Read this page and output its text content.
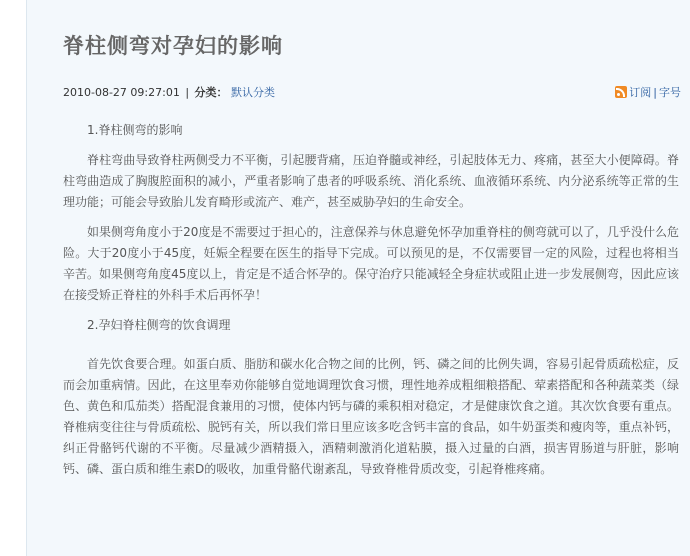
脊柱侧弯对孕妇的影响
2010-08-27 09:27:01 | 分类： 默认分类	订阅 | 字号

1.脊柱侧弯的影响

脊柱弯曲导致脊柱两侧受力不平衡，引起腰背痛，压迫脊髓或神经，引起肢体无力、疼痛，甚至大小便障碍。脊柱弯曲造成了胸腹腔面积的减小，严重者影响了患者的呼吸系统、消化系统、血液循环系统、内分泌系统等正常的生理功能；可能会导致胎儿发育畸形或流产、难产，甚至威胁孕妇的生命安全。

如果侧弯角度小于20度是不需要过于担心的，注意保养与休息避免怀孕加重脊柱的侧弯就可以了，几乎没什么危险。大于20度小于45度，妊娠全程要在医生的指导下完成。可以预见的是，不仅需要冒一定的风险，过程也将相当辛苦。如果侧弯角度45度以上，肯定是不适合怀孕的。保守治疗只能减轻全身症状或阻止进一步发展侧弯，因此应该在接受矫正脊柱的外科手术后再怀孕！

2.孕妇脊柱侧弯的饮食调理

首先饮食要合理。如蛋白质、脂肪和碳水化合物之间的比例，钙、磷之间的比例失调，容易引起骨质疏松症，反而会加重病情。因此，在这里奉劝你能够自觉地调理饮食习惯，理性地养成粗细粮搭配、荤素搭配和各种蔬菜类（绿色、黄色和瓜茄类）搭配混食兼用的习惯，使体内钙与磷的乘积相对稳定，才是健康饮食之道。其次饮食要有重点。脊椎病变往往与骨质疏松、脱钙有关，所以我们常日里应该多吃含钙丰富的食品，如牛奶蛋类和瘦肉等，重点补钙，纠正骨骼钙代谢的不平衡。尽量减少酒精摄入，酒精刺激消化道粘膜，摄入过量的白酒，损害胃肠道与肝脏，影响钙、磷、蛋白质和维生素D的吸收，加重骨骼代谢紊乱，导致脊椎骨质改变，引起脊椎疼痛。
